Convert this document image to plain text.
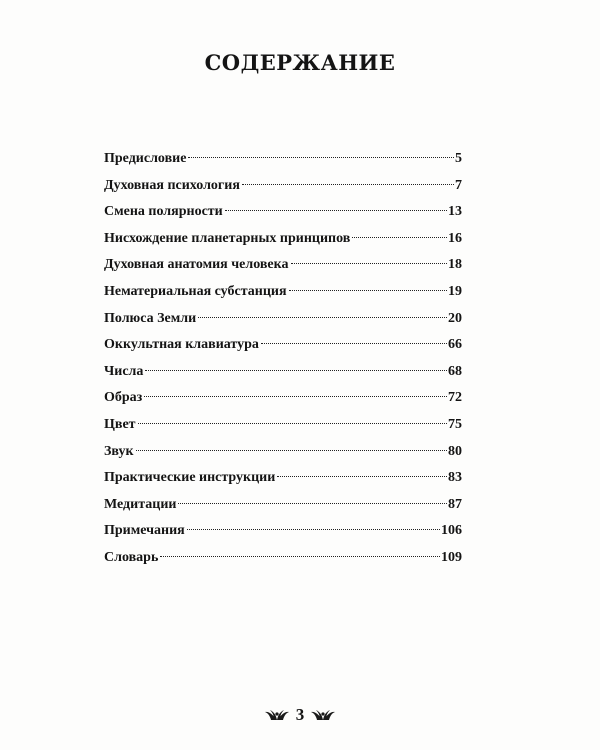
СОДЕРЖАНИЕ
Предисловие	5
Духовная психология	7
Смена полярности	13
Нисхождение планетарных принципов	16
Духовная анатомия человека	18
Нематериальная субстанция	19
Полюса Земли	20
Оккультная клавиатура	66
Числа	68
Образ	72
Цвет	75
Звук	80
Практические инструкции	83
Медитации	87
Примечания	106
Словарь	109
3
